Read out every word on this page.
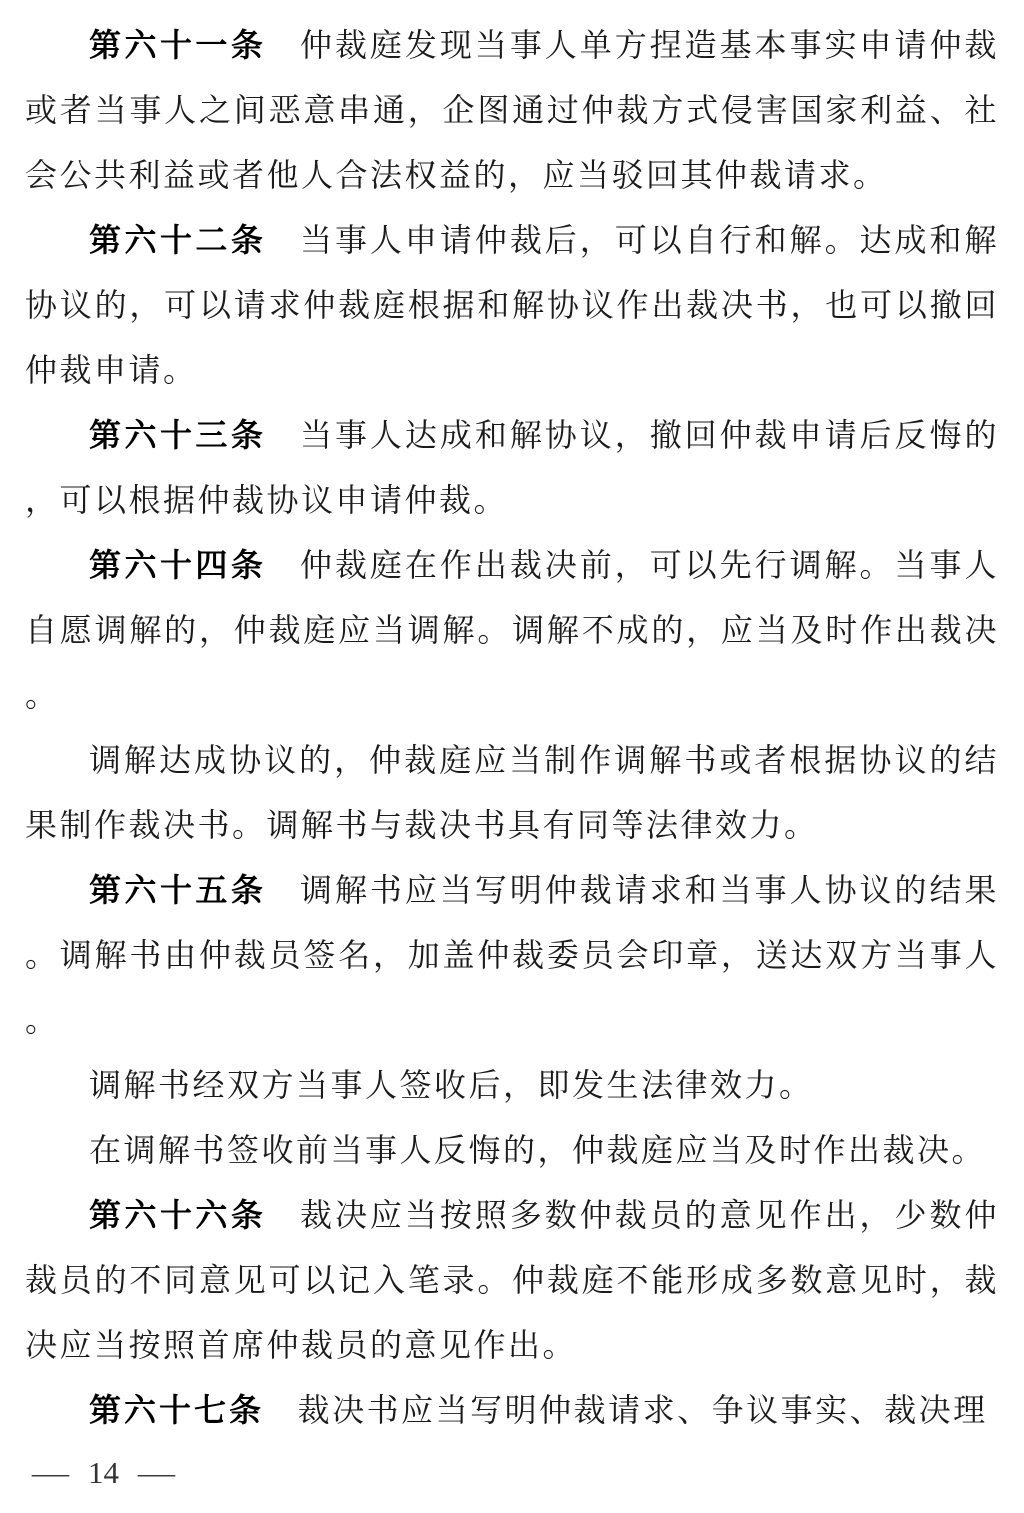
第六十一条 仲裁庭发现当事人单方捏造基本事实申请仲裁或者当事人之间恶意串通，企图通过仲裁方式侵害国家利益、社会公共利益或者他人合法权益的，应当驳回其仲裁请求。

第六十二条 当事人申请仲裁后，可以自行和解。达成和解协议的，可以请求仲裁庭根据和解协议作出裁决书，也可以撤回仲裁申请。

第六十三条 当事人达成和解协议，撤回仲裁申请后反悔的，可以根据仲裁协议申请仲裁。

第六十四条 仲裁庭在作出裁决前，可以先行调解。当事人自愿调解的，仲裁庭应当调解。调解不成的，应当及时作出裁决。

调解达成协议的，仲裁庭应当制作调解书或者根据协议的结果制作裁决书。调解书与裁决书具有同等法律效力。

第六十五条 调解书应当写明仲裁请求和当事人协议的结果。调解书由仲裁员签名，加盖仲裁委员会印章，送达双方当事人。

调解书经双方当事人签收后，即发生法律效力。

在调解书签收前当事人反悔的，仲裁庭应当及时作出裁决。

第六十六条 裁决应当按照多数仲裁员的意见作出，少数仲裁员的不同意见可以记入笔录。仲裁庭不能形成多数意见时，裁决应当按照首席仲裁员的意见作出。

第六十七条 裁决书应当写明仲裁请求、争议事实、裁决理

— 14 —
